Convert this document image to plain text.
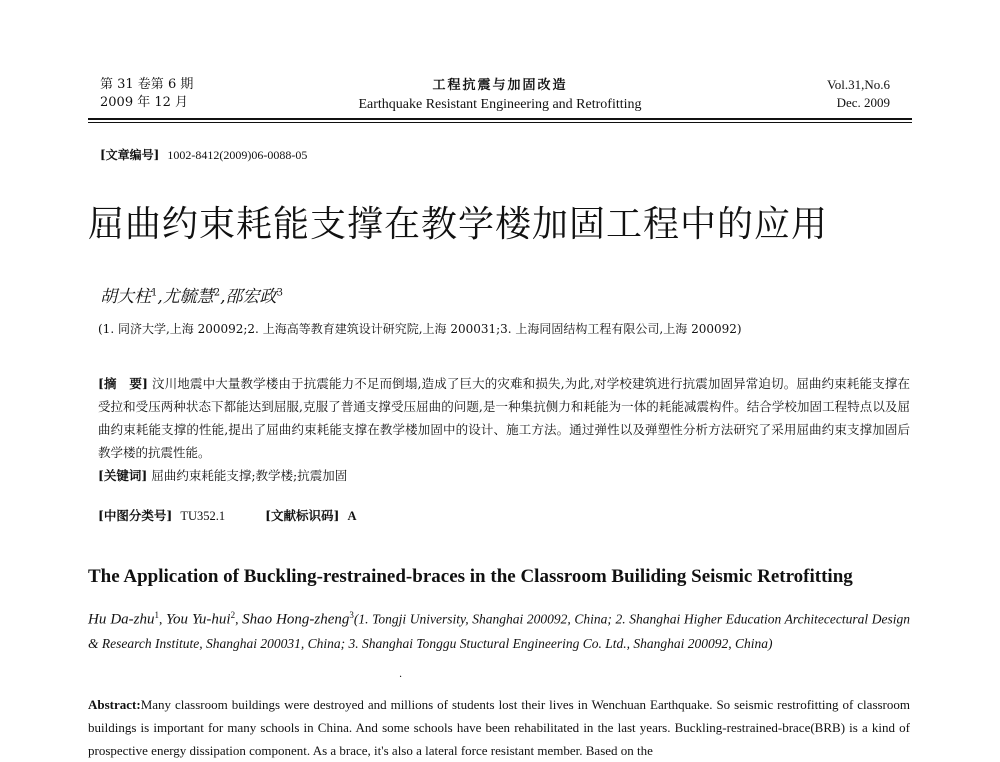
第 31 卷第 6 期
2009 年 12 月
工程抗震与加固改造
Earthquake Resistant Engineering and Retrofitting
Vol.31,No.6
Dec. 2009
[文章编号] 1002-8412(2009)06-0088-05
屈曲约束耗能支撑在教学楼加固工程中的应用
胡大柱$^1$,尤毓慧$^2$,邵宏政$^3$
(1. 同济大学,上海 200092;2. 上海高等教育建筑设计研究院,上海 200031;3. 上海同固结构工程有限公司,上海 200092)
[摘　要] 汶川地震中大量教学楼由于抗震能力不足而倒塌,造成了巨大的灾难和损失,为此,对学校建筑进行抗震加固异常迫切。屈曲约束耗能支撑在受拉和受压两种状态下都能达到屈服,克服了普通支撑受压屈曲的问题,是一种集抗侧力和耗能为一体的耗能减震构件。结合学校加固工程特点以及屈曲约束耗能支撑的性能,提出了屈曲约束耗能支撑在教学楼加固中的设计、施工方法。通过弹性以及弹塑性分析方法研究了采用屈曲约束支撑加固后教学楼的抗震性能。
[关键词] 屈曲约束耗能支撑;教学楼;抗震加固
[中图分类号] TU352.1	[文献标识码] A
The Application of Buckling-restrained-braces in the Classroom Builiding Seismic Retrofitting
Hu Da-zhu$^1$, You Yu-hui$^2$, Shao Hong-zheng$^3$(1. Tongji University, Shanghai 200092, China; 2. Shanghai Higher Education Architecectural Design & Research Institute, Shanghai 200031, China; 3. Shanghai Tonggu Stuctural Engineering Co. Ltd., Shanghai 200092, China)
·
Abstract:Many classroom buildings were destroyed and millions of students lost their lives in Wenchuan Earthquake. So seismic restrofitting of classroom buildings is important for many schools in China. And some schools have been rehabilitated in the last years. Buckling-restrained-brace(BRB) is a kind of prospective energy dissipation component. As a brace, it's also a lateral force resistant member. Based on the
